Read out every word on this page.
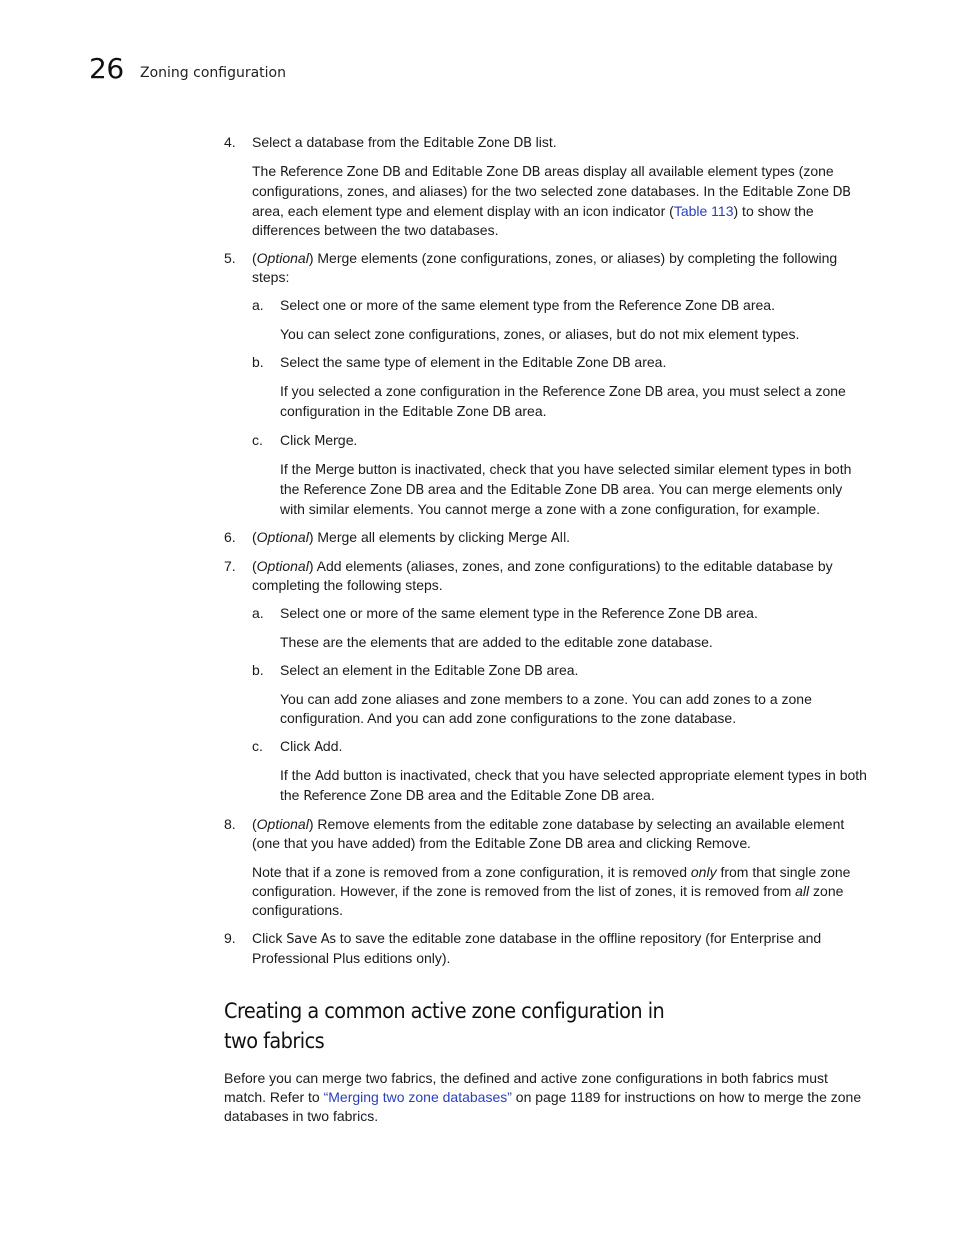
26 Zoning configuration
4. Select a database from the Editable Zone DB list.
The Reference Zone DB and Editable Zone DB areas display all available element types (zone configurations, zones, and aliases) for the two selected zone databases. In the Editable Zone DB area, each element type and element display with an icon indicator (Table 113) to show the differences between the two databases.
5. (Optional) Merge elements (zone configurations, zones, or aliases) by completing the following steps:
a. Select one or more of the same element type from the Reference Zone DB area.
You can select zone configurations, zones, or aliases, but do not mix element types.
b. Select the same type of element in the Editable Zone DB area.
If you selected a zone configuration in the Reference Zone DB area, you must select a zone configuration in the Editable Zone DB area.
c. Click Merge.
If the Merge button is inactivated, check that you have selected similar element types in both the Reference Zone DB area and the Editable Zone DB area. You can merge elements only with similar elements. You cannot merge a zone with a zone configuration, for example.
6. (Optional) Merge all elements by clicking Merge All.
7. (Optional) Add elements (aliases, zones, and zone configurations) to the editable database by completing the following steps.
a. Select one or more of the same element type in the Reference Zone DB area.
These are the elements that are added to the editable zone database.
b. Select an element in the Editable Zone DB area.
You can add zone aliases and zone members to a zone. You can add zones to a zone configuration. And you can add zone configurations to the zone database.
c. Click Add.
If the Add button is inactivated, check that you have selected appropriate element types in both the Reference Zone DB area and the Editable Zone DB area.
8. (Optional) Remove elements from the editable zone database by selecting an available element (one that you have added) from the Editable Zone DB area and clicking Remove.
Note that if a zone is removed from a zone configuration, it is removed only from that single zone configuration. However, if the zone is removed from the list of zones, it is removed from all zone configurations.
9. Click Save As to save the editable zone database in the offline repository (for Enterprise and Professional Plus editions only).
Creating a common active zone configuration in two fabrics
Before you can merge two fabrics, the defined and active zone configurations in both fabrics must match. Refer to “Merging two zone databases” on page 1189 for instructions on how to merge the zone databases in two fabrics.
